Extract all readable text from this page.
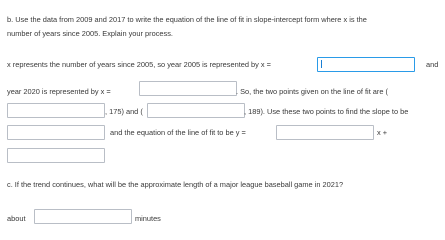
b. Use the data from 2009 and 2017 to write the equation of the line of fit in slope-intercept form where x is the
number of years since 2005. Explain your process.
x represents the number of years since 2005, so year 2005 is represented by x =	and
year 2020 is represented by x =	. So, the two points given on the line of fit are (
, 175) and (	, 189). Use these two points to find the slope to be
and the equation of the line of fit to be y =	x +
c. If the trend continues, what will be the approximate length of a major league baseball game in 2021?
about	minutes
